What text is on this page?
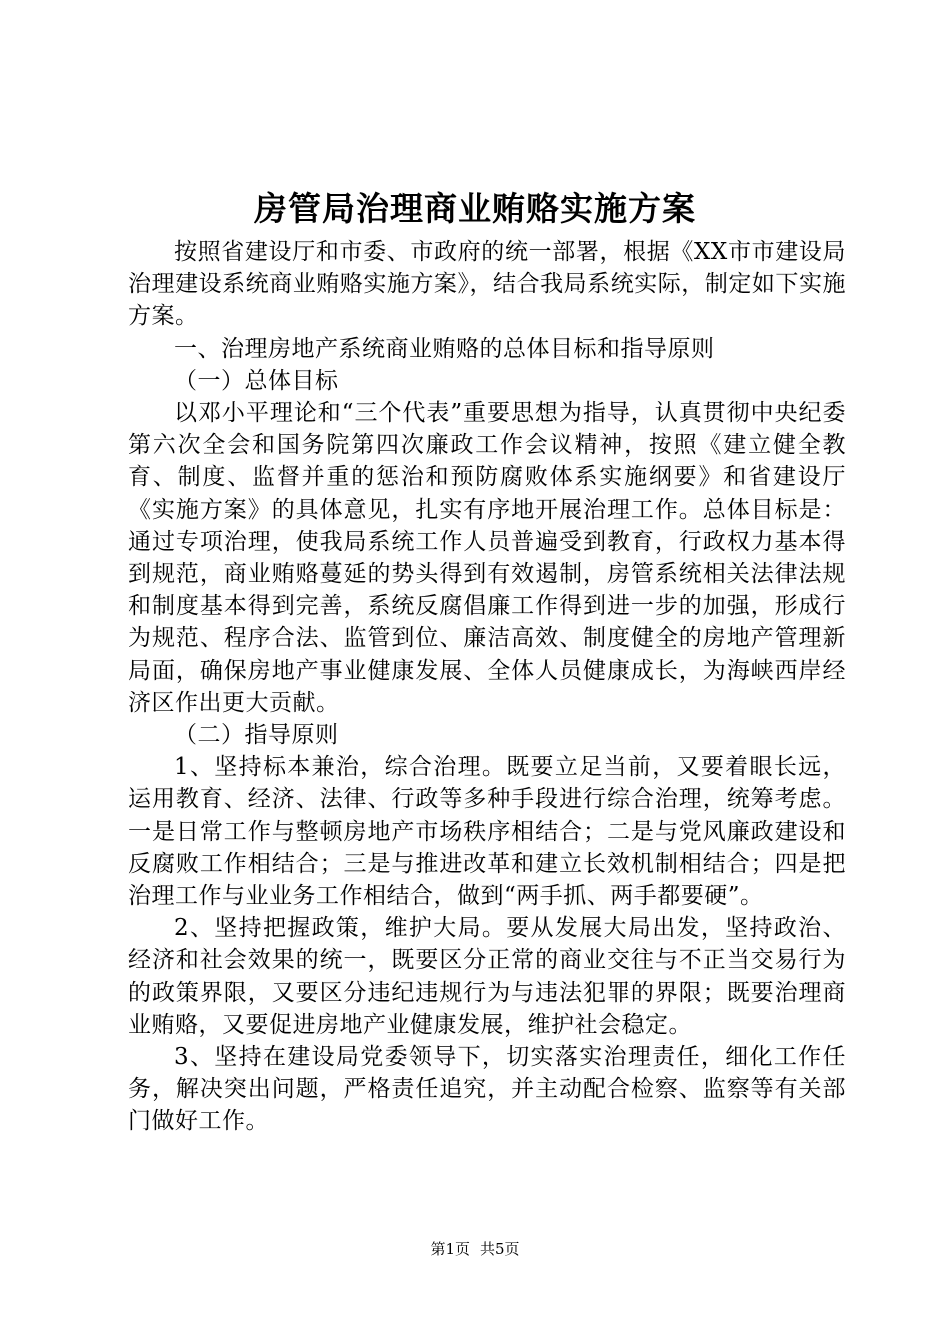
房管局治理商业贿赂实施方案

按照省建设厅和市委、市政府的统一部署，根据《XX市市建设局治理建设系统商业贿赂实施方案》，结合我局系统实际，制定如下实施方案。

一、治理房地产系统商业贿赂的总体目标和指导原则

（一）总体目标

以邓小平理论和“三个代表”重要思想为指导，认真贯彻中央纪委第六次全会和国务院第四次廉政工作会议精神，按照《建立健全教育、制度、监督并重的惩治和预防腐败体系实施纲要》和省建设厅《实施方案》的具体意见，扎实有序地开展治理工作。总体目标是：通过专项治理，使我局系统工作人员普遍受到教育，行政权力基本得到规范，商业贿赂蔓延的势头得到有效遏制，房管系统相关法律法规和制度基本得到完善，系统反腐倡廉工作得到进一步的加强，形成行为规范、程序合法、监管到位、廉洁高效、制度健全的房地产管理新局面，确保房地产事业健康发展、全体人员健康成长，为海峡西岸经济区作出更大贡献。

（二）指导原则

1、坚持标本兼治，综合治理。既要立足当前，又要着眼长远，运用教育、经济、法律、行政等多种手段进行综合治理，统筹考虑。一是日常工作与整顿房地产市场秩序相结合；二是与党风廉政建设和反腐败工作相结合；三是与推进改革和建立长效机制相结合；四是把治理工作与业业务工作相结合，做到“两手抓、两手都要硬”。

2、坚持把握政策，维护大局。要从发展大局出发，坚持政治、经济和社会效果的统一，既要区分正常的商业交往与不正当交易行为的政策界限，又要区分违纪违规行为与违法犯罪的界限；既要治理商业贿赂，又要促进房地产业健康发展，维护社会稳定。

3、坚持在建设局党委领导下，切实落实治理责任，细化工作任务，解决突出问题，严格责任追究，并主动配合检察、监察等有关部门做好工作。

第1页 共5页
